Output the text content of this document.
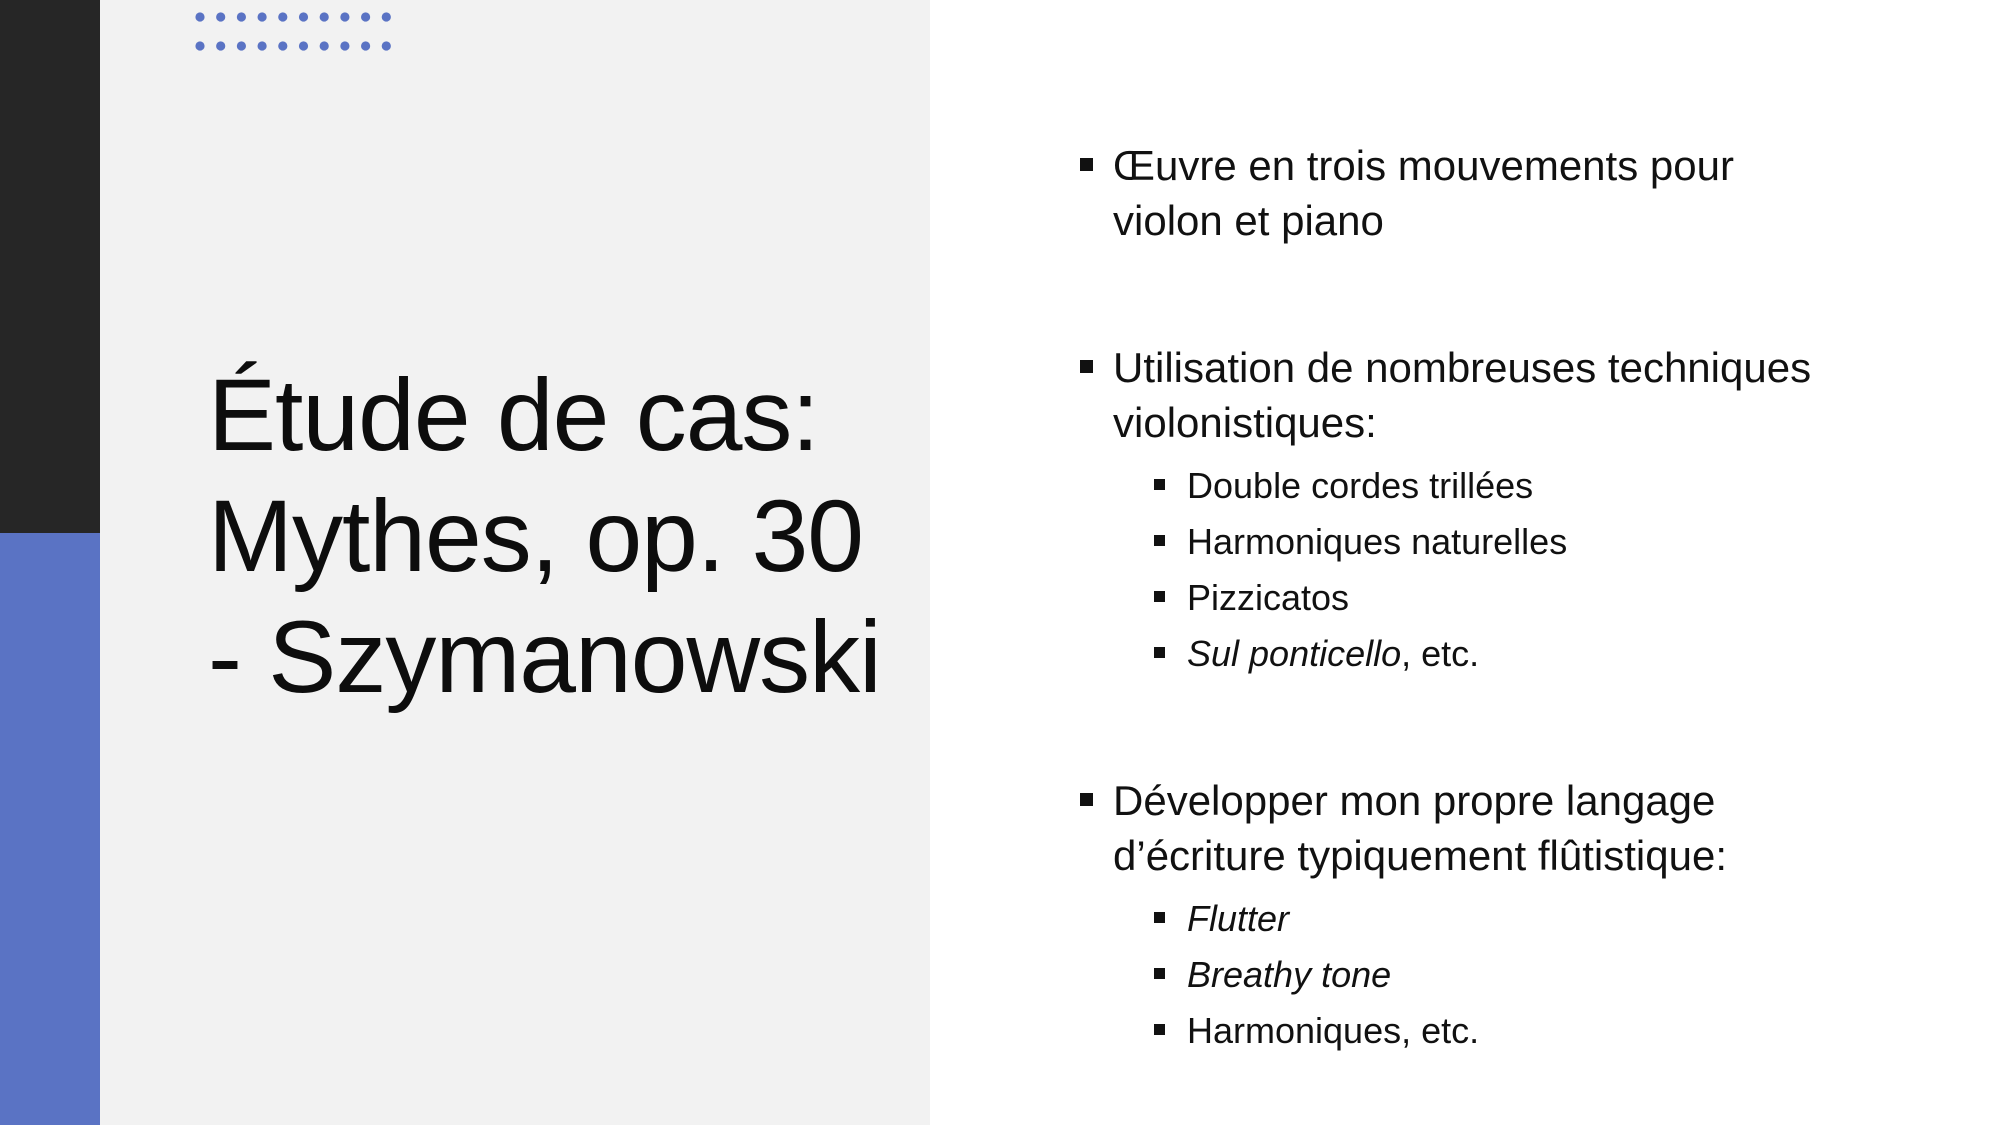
Étude de cas:
Mythes, op. 30
- Szymanowski
Œuvre en trois mouvements pour
violon et piano
Utilisation de nombreuses techniques
violonistiques:
Double cordes trillées
Harmoniques naturelles
Pizzicatos
Sul ponticello, etc.
Développer mon propre langage
d’écriture typiquement flûtistique:
Flutter
Breathy tone
Harmoniques, etc.
